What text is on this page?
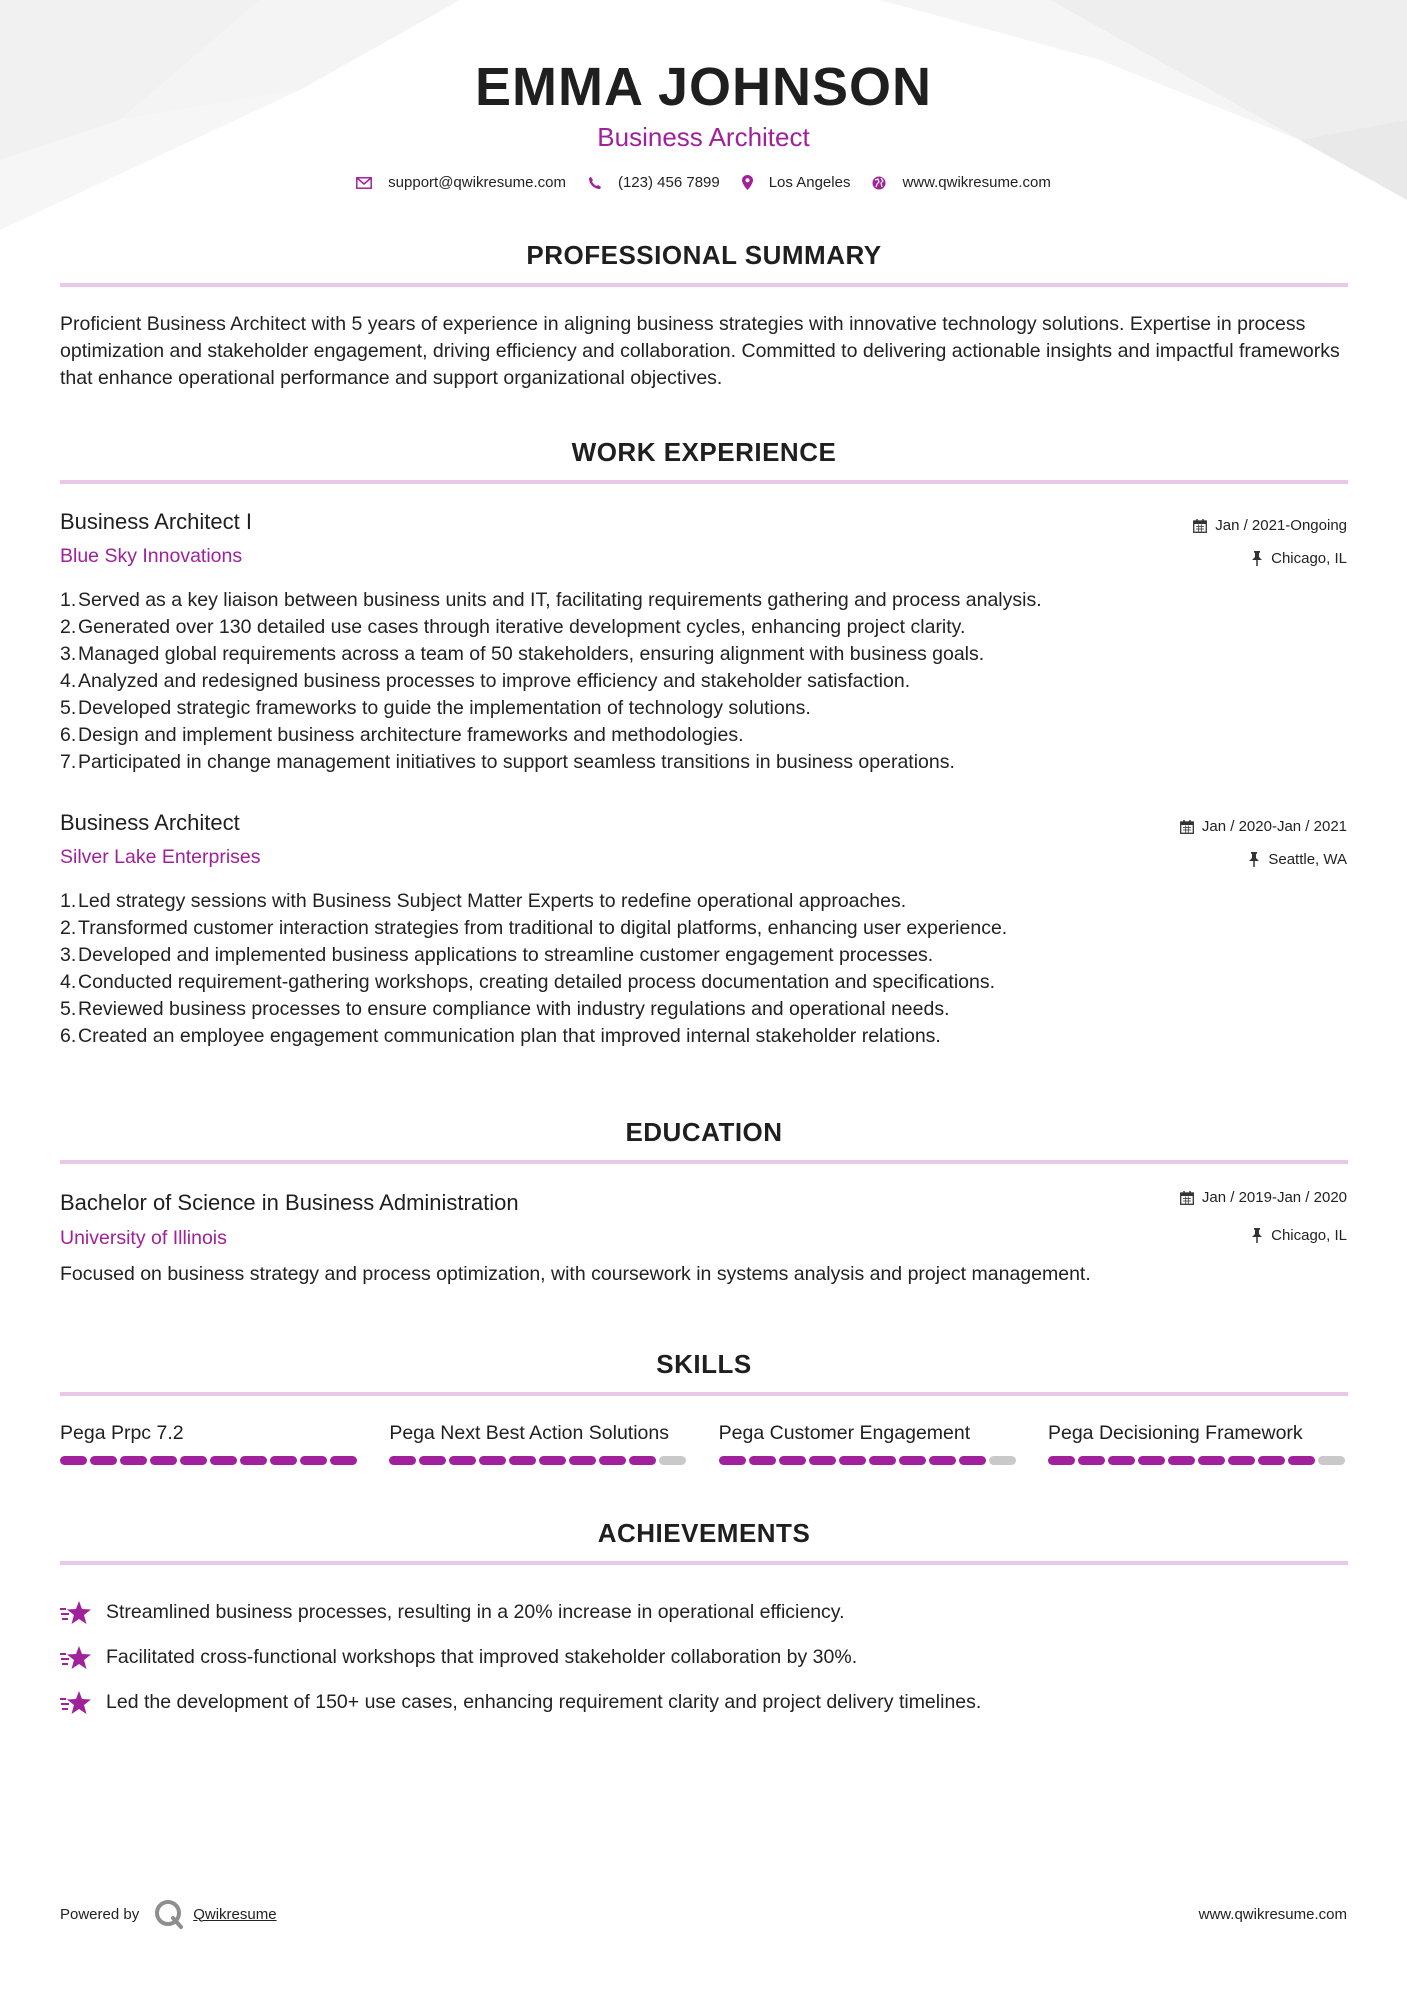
EMMA JOHNSON
Business Architect
support@qwikresume.com	(123) 456 7899	Los Angeles	www.qwikresume.com
PROFESSIONAL SUMMARY
Proficient Business Architect with 5 years of experience in aligning business strategies with innovative technology solutions. Expertise in process optimization and stakeholder engagement, driving efficiency and collaboration. Committed to delivering actionable insights and impactful frameworks that enhance operational performance and support organizational objectives.
WORK EXPERIENCE
Business Architect I
Blue Sky Innovations
Jan / 2021-Ongoing
Chicago, IL
1. Served as a key liaison between business units and IT, facilitating requirements gathering and process analysis.
2. Generated over 130 detailed use cases through iterative development cycles, enhancing project clarity.
3. Managed global requirements across a team of 50 stakeholders, ensuring alignment with business goals.
4. Analyzed and redesigned business processes to improve efficiency and stakeholder satisfaction.
5. Developed strategic frameworks to guide the implementation of technology solutions.
6. Design and implement business architecture frameworks and methodologies.
7. Participated in change management initiatives to support seamless transitions in business operations.
Business Architect
Silver Lake Enterprises
Jan / 2020-Jan / 2021
Seattle, WA
1. Led strategy sessions with Business Subject Matter Experts to redefine operational approaches.
2. Transformed customer interaction strategies from traditional to digital platforms, enhancing user experience.
3. Developed and implemented business applications to streamline customer engagement processes.
4. Conducted requirement-gathering workshops, creating detailed process documentation and specifications.
5. Reviewed business processes to ensure compliance with industry regulations and operational needs.
6. Created an employee engagement communication plan that improved internal stakeholder relations.
EDUCATION
Bachelor of Science in Business Administration
University of Illinois
Jan / 2019-Jan / 2020
Chicago, IL
Focused on business strategy and process optimization, with coursework in systems analysis and project management.
SKILLS
Pega Prpc 7.2	Pega Next Best Action Solutions	Pega Customer Engagement	Pega Decisioning Framework
ACHIEVEMENTS
Streamlined business processes, resulting in a 20% increase in operational efficiency.
Facilitated cross-functional workshops that improved stakeholder collaboration by 30%.
Led the development of 150+ use cases, enhancing requirement clarity and project delivery timelines.
Powered by	Qwikresume	www.qwikresume.com
